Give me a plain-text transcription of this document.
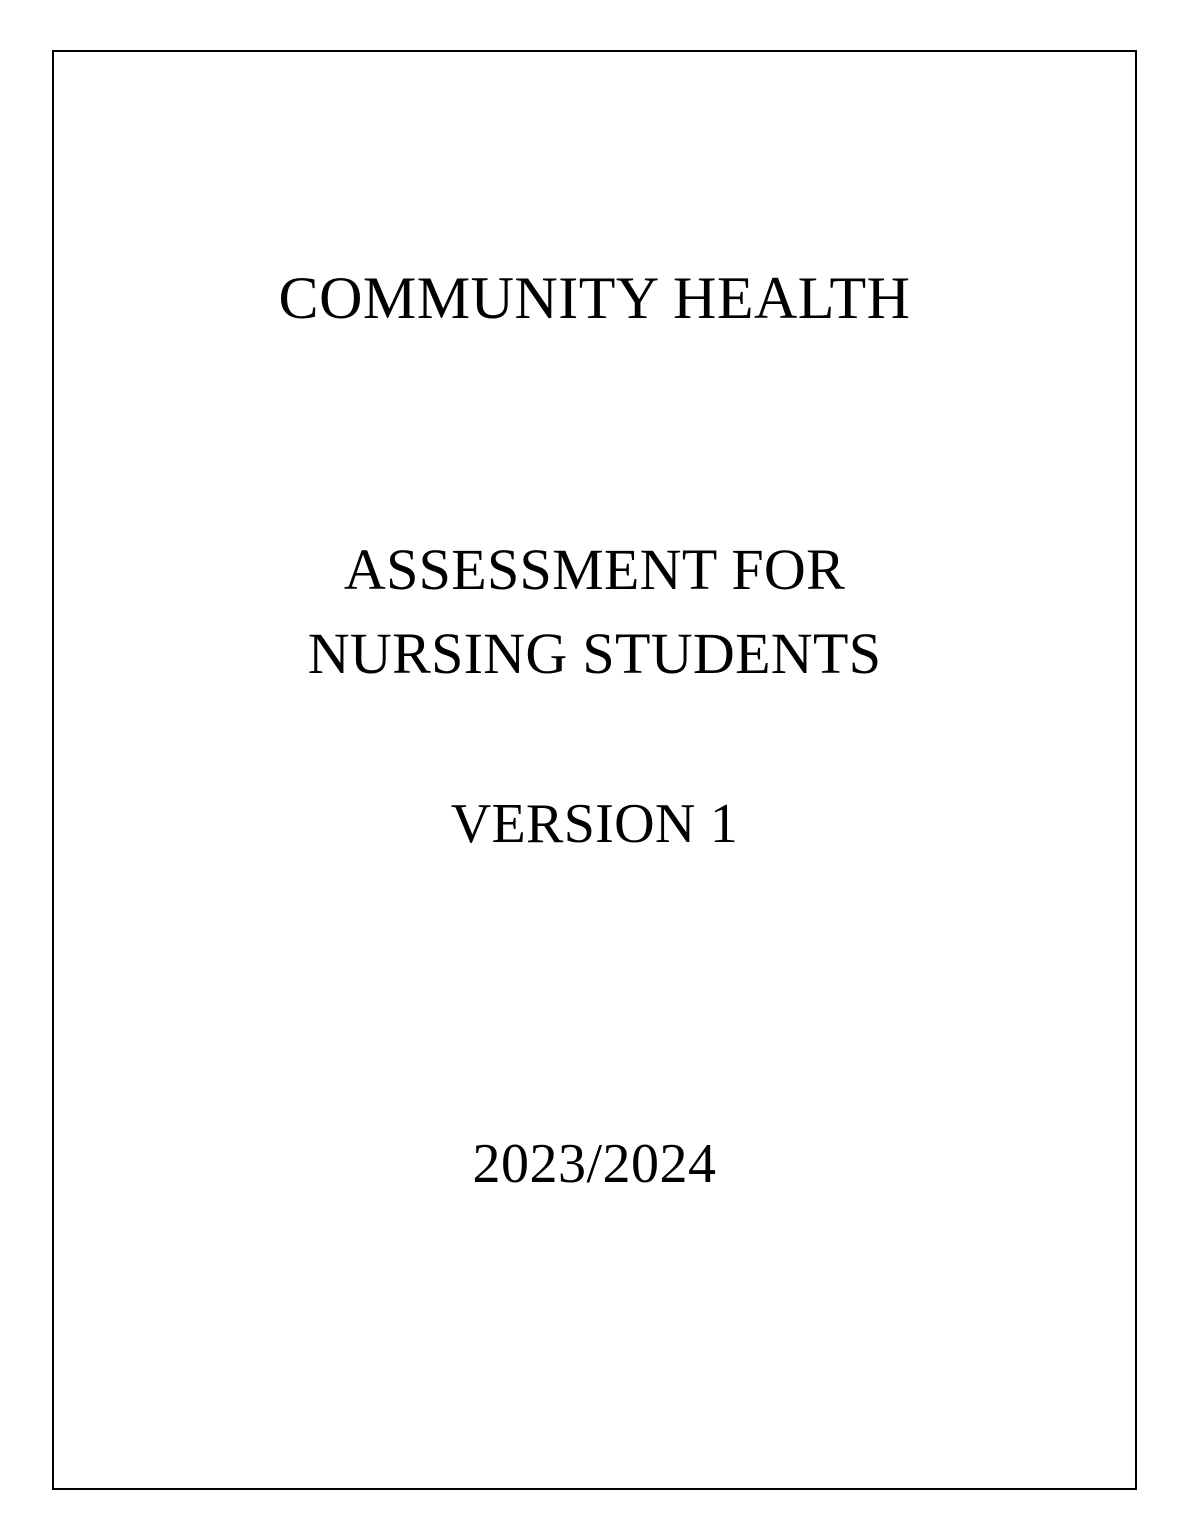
COMMUNITY HEALTH
ASSESSMENT FOR
NURSING STUDENTS
VERSION 1
2023/2024
